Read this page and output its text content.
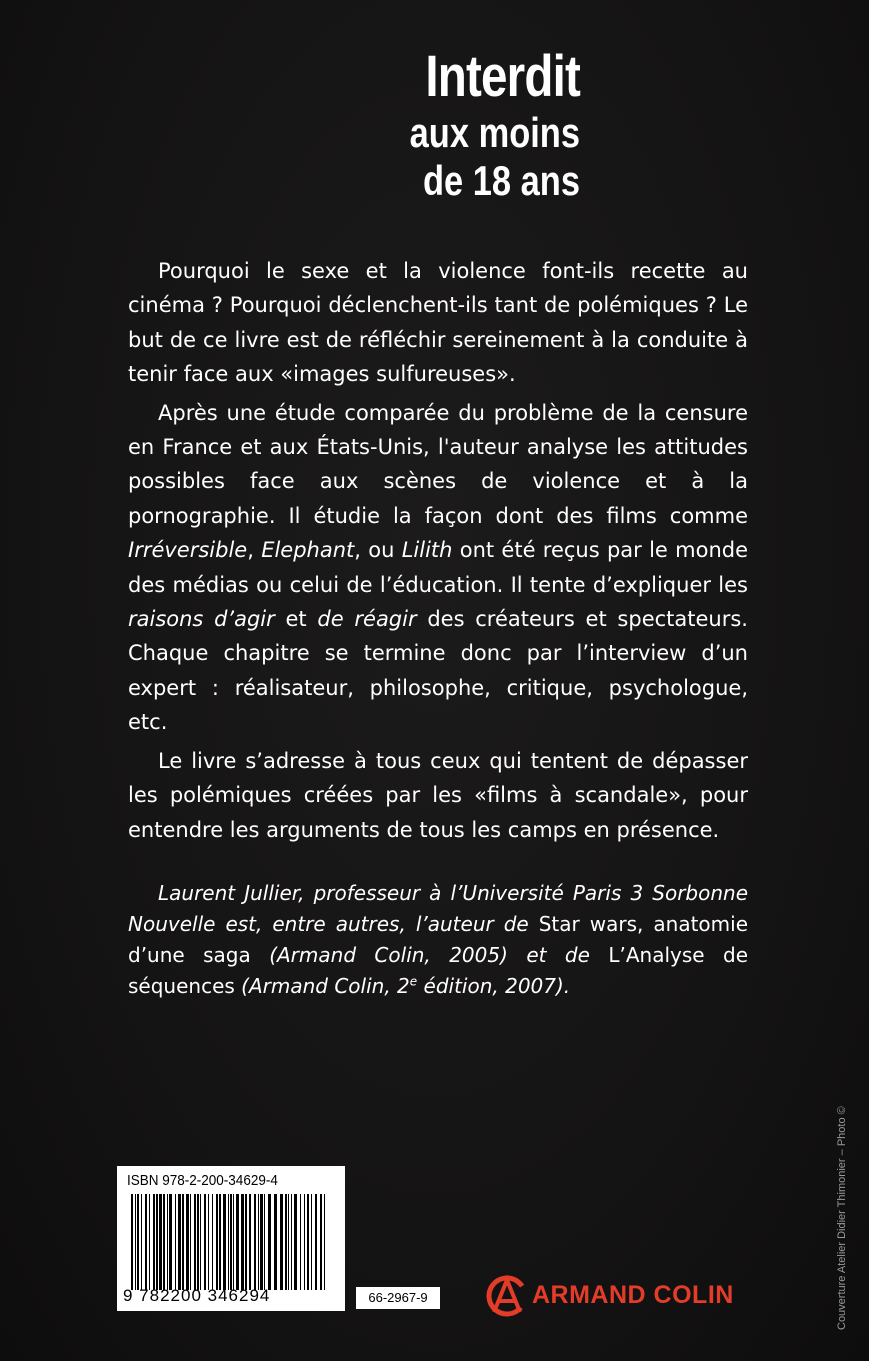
Interdit
aux moins
de 18 ans

Pourquoi le sexe et la violence font-ils recette au cinéma ? Pourquoi déclenchent-ils tant de polémiques ? Le but de ce livre est de réfléchir sereinement à la conduite à tenir face aux «images sulfureuses».

Après une étude comparée du problème de la censure en France et aux États-Unis, l'auteur analyse les attitudes possibles face aux scènes de violence et à la pornographie. Il étudie la façon dont des films comme Irréversible, Elephant, ou Lilith ont été reçus par le monde des médias ou celui de l’éducation. Il tente d’expliquer les raisons d’agir et de réagir des créateurs et spectateurs. Chaque chapitre se termine donc par l’interview d’un expert : réalisateur, philosophe, critique, psychologue, etc.

Le livre s’adresse à tous ceux qui tentent de dépasser les polémiques créées par les «films à scandale», pour entendre les arguments de tous les camps en présence.

Laurent Jullier, professeur à l’Université Paris 3 Sorbonne Nouvelle est, entre autres, l’auteur de Star wars, anatomie d’une saga (Armand Colin, 2005) et de L’Analyse de séquences (Armand Colin, 2e édition, 2007).

Couverture Atelier Didier Thimonier – Photo ©
ISBN 978-2-200-34629-4
9 782200 346294	66-2967-9	ARMAND COLIN
